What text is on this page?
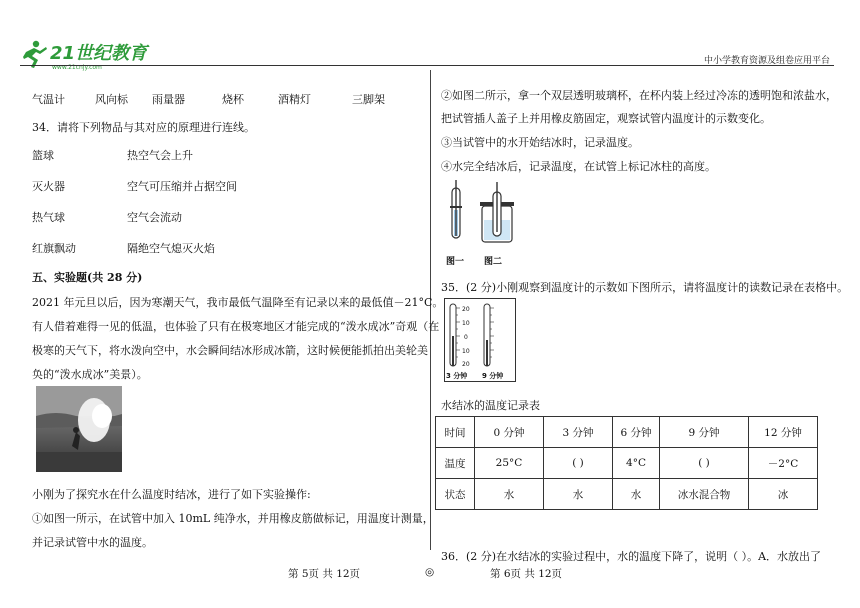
21世纪教育
www.21cnjy.com
中小学教育资源及组卷应用平台
气温计	风向标 雨量器	烧杯	酒精灯	三脚架
34．请将下列物品与其对应的原理进行连线。
篮球	热空气会上升
灭火器	空气可压缩并占据空间
热气球	空气会流动
红旗飘动	隔绝空气熄灭火焰
五、实验题(共 28 分)
2021 年元旦以后，因为寒潮天气，我市最低气温降至有记录以来的最低值－21°C。
有人借着难得一见的低温，也体验了只有在极寒地区才能完成的“泼水成冰”奇观（在
极寒的天气下，将水泼向空中，水会瞬间结冰形成冰箭，这时候便能抓拍出美轮美
奂的“泼水成冰”美景）。
小刚为了探究水在什么温度时结冰，进行了如下实验操作:
①如图一所示，在试管中加入 10mL 纯净水，并用橡皮筋做标记，用温度计测量，
并记录试管中水的温度。
②如图二所示，拿一个双层透明玻璃杯，在杯内装上经过冷冻的透明饱和浓盐水，
把试管插人盖子上并用橡皮筋固定，观察试管内温度计的示数变化。
③当试管中的水开始结冰时，记录温度。
④水完全结冰后，记录温度，在试管上标记冰柱的高度。
图一 图二
35．(2 分)小刚观察到温度计的示数如下图所示，请将温度计的读数记录在表格中。
20
10
0
10
20
3 分钟 9 分钟
水结冰的温度记录表
时间	0 分钟	3 分钟	6 分钟	9 分钟	12 分钟
温度	25°C	( )	4°C	( )	－2°C
状态	水	水	水	冰水混合物	冰
36．(2 分)在水结冰的实验过程中，水的温度下降了，说明（ ）。A．水放出了
第 5页 共 12页	◎	第 6页 共 12页
